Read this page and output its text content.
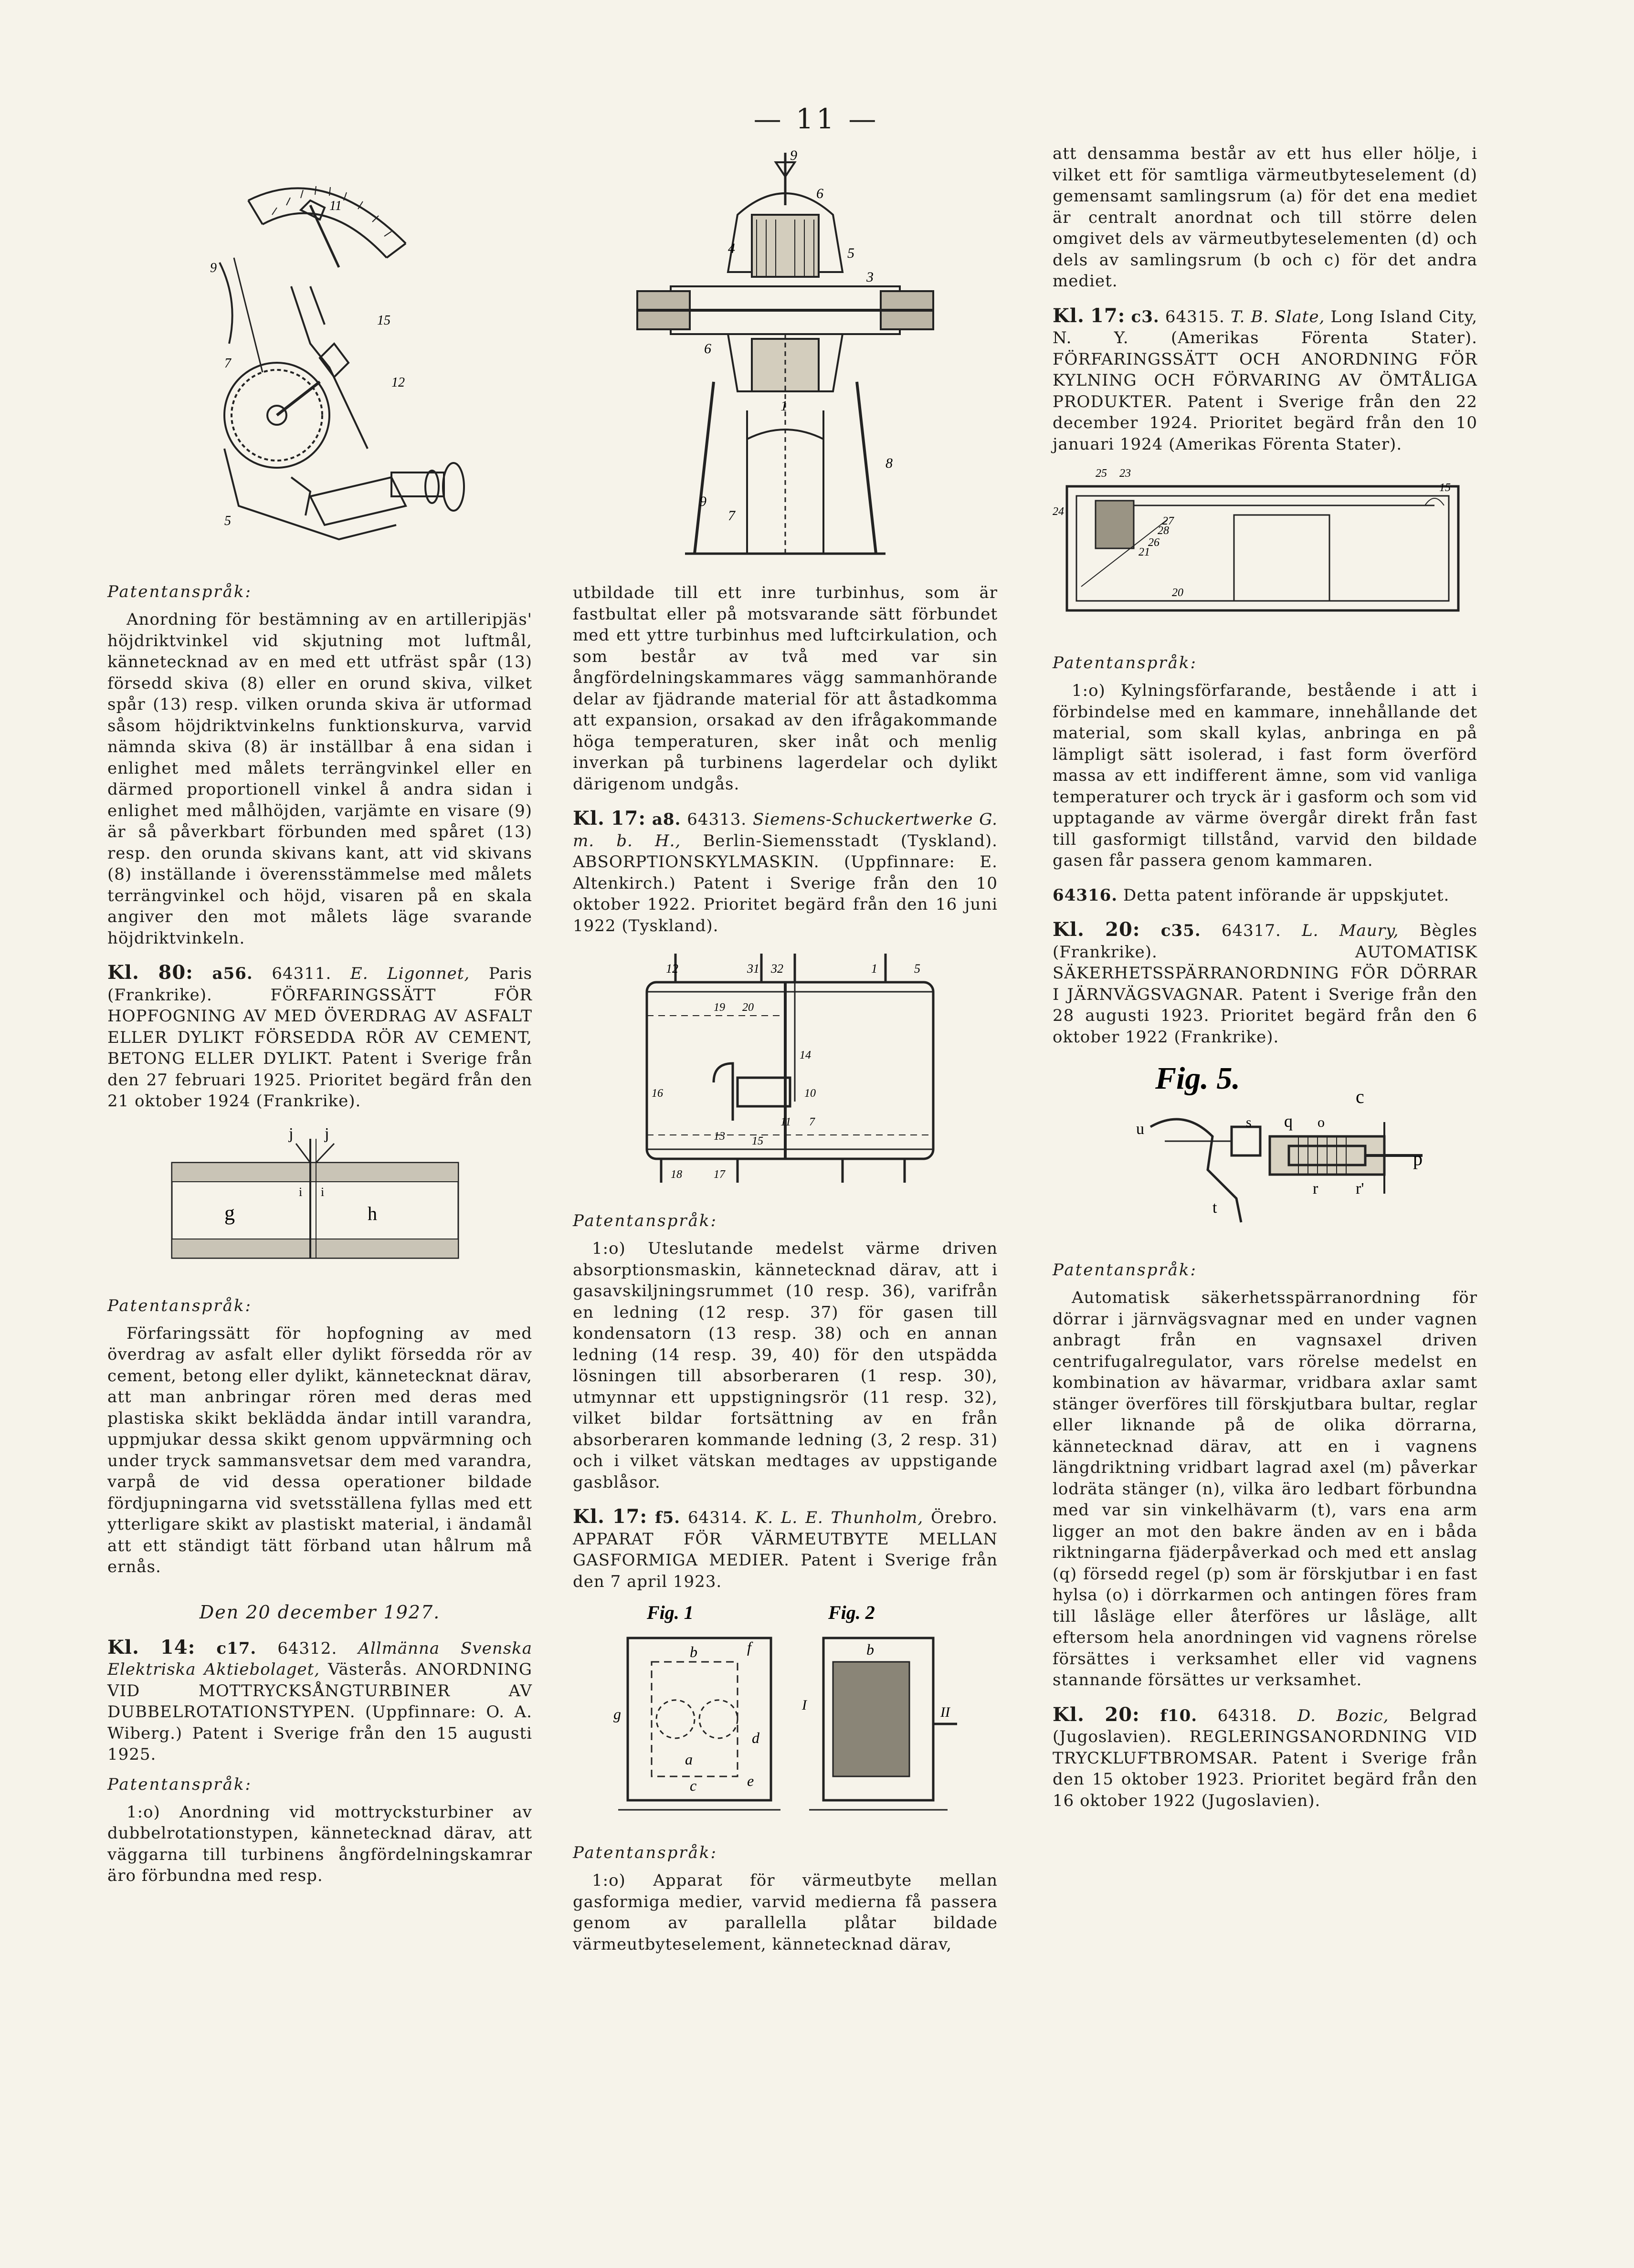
— 11 —
11
9
15
12
5
7
Patentanspråk:

Anordning för bestämning av en artilleripjäs' höjdriktvinkel vid skjutning mot luftmål, kännetecknad av en med ett utfräst spår (13) försedd skiva (8) eller en orund skiva, vilket spår (13) resp. vilken orunda skiva är utformad såsom höjdriktvinkelns funktionskurva, varvid nämnda skiva (8) är inställbar å ena sidan i enlighet med målets terrängvinkel eller en därmed proportionell vinkel å andra sidan i enlighet med målhöjden, varjämte en visare (9) är så påverkbart förbunden med spåret (13) resp. den orunda skivans kant, att vid skivans (8) inställande i överensstämmelse med målets terrängvinkel och höjd, visaren på en skala angiver den mot målets läge svarande höjdriktvinkeln.

Kl. 80: a56. 64311. E. Ligonnet, Paris (Frankrike). FÖRFARINGSSÄTT FÖR HOPFOGNING AV MED ÖVERDRAG AV ASFALT ELLER DYLIKT FÖRSEDDA RÖR AV CEMENT, BETONG ELLER DYLIKT. Patent i Sverige från den 27 februari 1925. Prioritet begärd från den 21 oktober 1924 (Frankrike).

j j
g	h
i i
Patentanspråk:

Förfaringssätt för hopfogning av med överdrag av asfalt eller dylikt försedda rör av cement, betong eller dylikt, kännetecknat därav, att man anbringar rören med deras med plastiska skikt beklädda ändar intill varandra, uppmjukar dessa skikt genom uppvärmning och under tryck sammansvetsar dem med varandra, varpå de vid dessa operationer bildade fördjupningarna vid svetsställena fyllas med ett ytterligare skikt av plastiskt material, i ändamål att ett ständigt tätt förband utan hålrum må ernås.

Den 20 december 1927.

Kl. 14: c17. 64312. Allmänna Svenska Elektriska Aktiebolaget, Västerås. ANORDNING VID MOTTRYCKSÅNGTURBINER AV DUBBELROTATIONSTYPEN. (Uppfinnare: O. A. Wiberg.) Patent i Sverige från den 15 augusti 1925.

Patentanspråk:

1:o) Anordning vid mottrycksturbiner av dubbelrotationstypen, kännetecknad därav, att väggarna till turbinens ångfördelningskamrar äro förbundna med resp.

9
6
4	5
3
1
6
8
9
7

utbildade till ett inre turbinhus, som är fastbultat eller på motsvarande sätt förbundet med ett yttre turbinhus med luftcirkulation, och som består av två med var sin ångfördelningskammares vägg sammanhörande delar av fjädrande material för att åstadkomma att expansion, orsakad av den ifrågakommande höga temperaturen, sker inåt och menlig inverkan på turbinens lagerdelar och dylikt därigenom undgås.

Kl. 17: a8. 64313. Siemens-Schuckertwerke G. m. b. H., Berlin-Siemensstadt (Tyskland). ABSORPTIONSKYLMASKIN. (Uppfinnare: E. Altenkirch.) Patent i Sverige från den 10 oktober 1922. Prioritet begärd från den 16 juni 1922 (Tyskland).

12	31 32	1	5
19 20
14
10
16
13
11 7
15
17
18
Patentanspråk:

1:o) Uteslutande medelst värme driven absorptionsmaskin, kännetecknad därav, att i gasavskiljningsrummet (10 resp. 36), varifrån en ledning (12 resp. 37) för gasen till kondensatorn (13 resp. 38) och en annan ledning (14 resp. 39, 40) för den utspädda lösningen till absorberaren (1 resp. 30), utmynnar ett uppstigningsrör (11 resp. 32), vilket bildar fortsättning av en från absorberaren kommande ledning (3, 2 resp. 31) och i vilket vätskan medtages av uppstigande gasblåsor.

Kl. 17: f5. 64314. K. L. E. Thunholm, Örebro. APPARAT FÖR VÄRMEUTBYTE MELLAN GASFORMIGA MEDIER. Patent i Sverige från den 7 april 1923.

Fig. 1	Fig. 2
b
a
c
d
g
e
f	b
II
I
Patentanspråk:

1:o) Apparat för värmeutbyte mellan gasformiga medier, varvid medierna få passera genom av parallella plåtar bildade värmeutbyteselement, kännetecknad därav,

att densamma består av ett hus eller hölje, i vilket ett för samtliga värmeutbyteselement (d) gemensamt samlingsrum (a) för det ena mediet är centralt anordnat och till större delen omgivet dels av värmeutbyteselementen (d) och dels av samlingsrum (b och c) för det andra mediet.

Kl. 17: c3. 64315. T. B. Slate, Long Island City, N. Y. (Amerikas Förenta Stater). FÖRFARINGSSÄTT OCH ANORDNING FÖR KYLNING OCH FÖRVARING AV ÖMTÅLIGA PRODUKTER. Patent i Sverige från den 22 december 1924. Prioritet begärd från den 10 januari 1924 (Amerikas Förenta Stater).

25 23
24
27
26
28
21
20
15
Patentanspråk:

1:o) Kylningsförfarande, bestående i att i förbindelse med en kammare, innehållande det material, som skall kylas, anbringa en på lämpligt sätt isolerad, i fast form överförd massa av ett indifferent ämne, som vid vanliga temperaturer och tryck är i gasform och som vid upptagande av värme övergår direkt från fast till gasformigt tillstånd, varvid den bildade gasen får passera genom kammaren.

64316. Detta patent införande är uppskjutet.

Kl. 20: c35. 64317. L. Maury, Bègles (Frankrike). AUTOMATISK SÄKERHETSSPÄRRANORDNING FÖR DÖRRAR I JÄRNVÄGSVAGNAR. Patent i Sverige från den 28 augusti 1923. Prioritet begärd från den 6 oktober 1922 (Frankrike).

Fig. 5.
q
s	o
c
p
t
r r'
u
Patentanspråk:

Automatisk säkerhetsspärranordning för dörrar i järnvägsvagnar med en under vagnen anbragt från en vagnsaxel driven centrifugalregulator, vars rörelse medelst en kombination av hävarmar, vridbara axlar samt stänger överföres till förskjutbara bultar, reglar eller liknande på de olika dörrarna, kännetecknad därav, att en i vagnens längdriktning vridbart lagrad axel (m) påverkar lodräta stänger (n), vilka äro ledbart förbundna med var sin vinkelhävarm (t), vars ena arm ligger an mot den bakre änden av en i båda riktningarna fjäderpåverkad och med ett anslag (q) försedd regel (p) som är förskjutbar i en fast hylsa (o) i dörrkarmen och antingen föres fram till låsläge eller återföres ur låsläge, allt eftersom hela anordningen vid vagnens rörelse försättes i verksamhet eller vid vagnens stannande försättes ur verksamhet.

Kl. 20: f10. 64318. D. Bozic, Belgrad (Jugoslavien). REGLERINGSANORDNING VID TRYCKLUFTBROMSAR. Patent i Sverige från den 15 oktober 1923. Prioritet begärd från den 16 oktober 1922 (Jugoslavien).
